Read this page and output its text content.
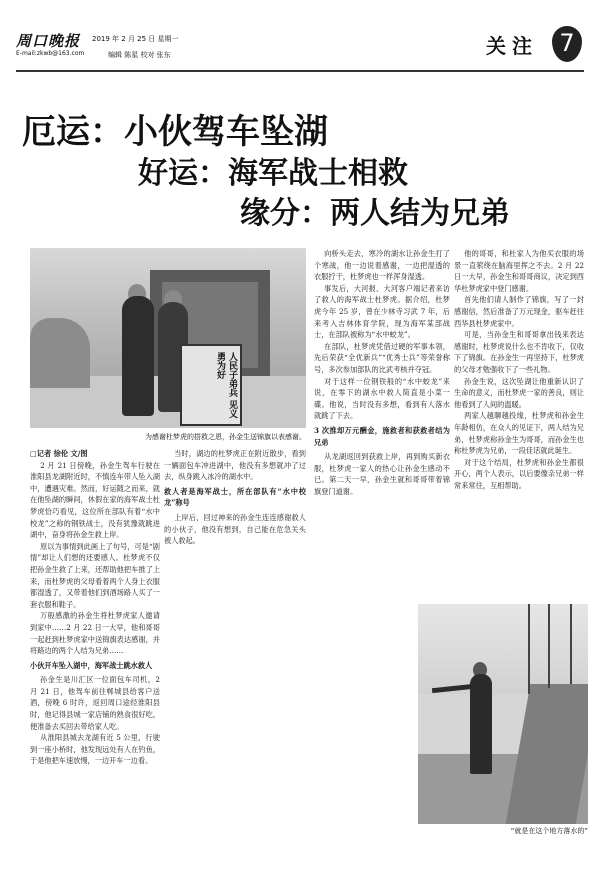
周口晚报
E-mail:zkwb@163.com
2019 年 2 月 25 日 星期一
编辑 陈星 校对 张东	关注 7
厄运：小伙驾车坠湖
好运：海军战士相救
缘分：两人结为兄弟
人民子弟兵 见义勇为好
为感谢杜梦虎的搭救之恩，孙金生送锦旗以表感谢。

向桥头走去，寒冷的湖水让孙金生打了个寒战，他一边说着感谢，一边把湿透的衣服拧干，杜梦虎也一样浑身湿透。

事发后，大河报、大河客户端记者来访了救人的海军战士杜梦虎。据介绍，杜梦虎今年 25 岁，曾在少林寺习武 7 年，后来考入吉林体育学院，现为海军某部战士，在部队被称为“水中蛟龙”。

在部队，杜梦虎凭借过硬的军事本领，先后荣获“全优新兵”“优秀士兵”等荣誉称号，多次参加部队的比武考核并夺冠。

对于这样一位钢铁般的“水中蛟龙”来说，在零下的湖水中救人简直是小菜一碟。他说，当时没有多想，看到有人落水就跳了下去。

3 次推却万元酬金，施救者和获救者结为兄弟

从龙湖返回到获救上岸，再到购买新衣服，杜梦虎一家人的热心让孙金生感动不已。第二天一早，孙金生就和哥哥带着锦旗登门道谢。

他的哥哥，和杜家人为他买衣服的场景一直萦绕在脑海里挥之不去。2 月 22 日一大早，孙金生和哥哥商议，决定到西华杜梦虎家中登门感谢。

首先他们请人制作了锦旗，写了一封感谢信，然后准备了万元现金，驱车赶往西华县杜梦虎家中。

可是，当孙金生和哥哥拿出钱来表达感谢时，杜梦虎说什么也不肯收下，仅收下了锦旗。在孙金生一再坚持下，杜梦虎的父母才勉强收下了一些礼物。

孙金生说，这次坠湖让他重新认识了生命的意义，而杜梦虎一家的善良，则让他看到了人间的温暖。

两家人越聊越投缘，杜梦虎和孙金生年龄相仿，在众人的见证下，两人结为兄弟，杜梦虎称孙金生为哥哥，而孙金生也称杜梦虎为兄弟，一段佳话就此诞生。

对于这个结局，杜梦虎和孙金生都很开心，两个人表示，以后要像亲兄弟一样常来常往，互相帮助。

□记者 徐伦 文/图

2 月 21 日傍晚，孙金生驾车行驶在淮阳县龙湖附近时，不慎连车带人坠入湖中，遭遇灾难。然而，好运随之而来，就在他坠湖的瞬间，休假在家的海军战士杜梦虎恰巧看见，这位所在部队有着“水中校龙”之称的钢铁战士，没有犹豫就跳进湖中，奋身将孙金生救上岸。

原以为事情到此画上了句号，可是“剧情”却让人们想的还要感人。杜梦虎不仅把孙金生救了上来，还帮助他把车推了上来，而杜梦虎的父母看着两个人身上衣服都湿透了，又带着他们到酒场路人买了一套衣服和鞋子。

万般感激的孙金生将杜梦虎家人邀请到家中……2 月 22 日一大早，他和哥哥一起赶到杜梦虎家中送锦旗表达感谢，并将路边的两个人结为兄弟……

小伙开车坠入湖中，海军战士跳水救人

孙金生是川汇区一位面包车司机，2 月 21 日，他驾车前往郸城县给客户送酒，傍晚 6 时许，返回周口途经淮阳县时，他记得县城一家店铺的熟食很好吃，便准备去买回去带给家人吃。

从淮阳县城去龙湖有近 5 公里，行驶到一座小桥时，他发现远处有人在钓鱼，于是他把车速放慢，一边开车一边看。

当时，湖边的杜梦虎正在附近散步，看到一辆面包车冲进湖中，他没有多想就冲了过去，纵身跳入冰冷的湖水中。

救人者是海军战士，所在部队有“水中校龙”称号

上岸后，回过神来的孙金生连连感谢救人的小伙子，他没有想到，自己能在危急关头被人救起。

“就是在这个地方落水的”
